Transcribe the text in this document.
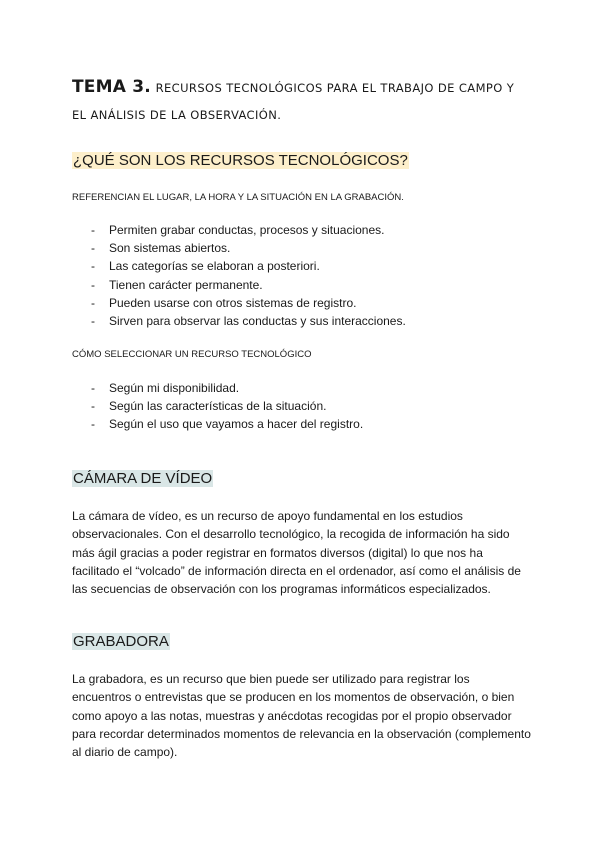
TEMA 3. RECURSOS TECNOLÓGICOS PARA EL TRABAJO DE CAMPO Y EL ANÁLISIS DE LA OBSERVACIÓN.
¿QUÉ SON LOS RECURSOS TECNOLÓGICOS?
REFERENCIAN EL LUGAR, LA HORA Y LA SITUACIÓN EN LA GRABACIÓN.
- Permiten grabar conductas, procesos y situaciones.
- Son sistemas abiertos.
- Las categorías se elaboran a posteriori.
- Tienen carácter permanente.
- Pueden usarse con otros sistemas de registro.
- Sirven para observar las conductas y sus interacciones.
CÓMO SELECCIONAR UN RECURSO TECNOLÓGICO
- Según mi disponibilidad.
- Según las características de la situación.
- Según el uso que vayamos a hacer del registro.
CÁMARA DE VÍDEO
La cámara de vídeo, es un recurso de apoyo fundamental en los estudios observacionales. Con el desarrollo tecnológico, la recogida de información ha sido más ágil gracias a poder registrar en formatos diversos (digital) lo que nos ha facilitado el “volcado” de información directa en el ordenador, así como el análisis de las secuencias de observación con los programas informáticos especializados.
GRABADORA
La grabadora, es un recurso que bien puede ser utilizado para registrar los encuentros o entrevistas que se producen en los momentos de observación, o bien como apoyo a las notas, muestras y anécdotas recogidas por el propio observador para recordar determinados momentos de relevancia en la observación (complemento al diario de campo).
